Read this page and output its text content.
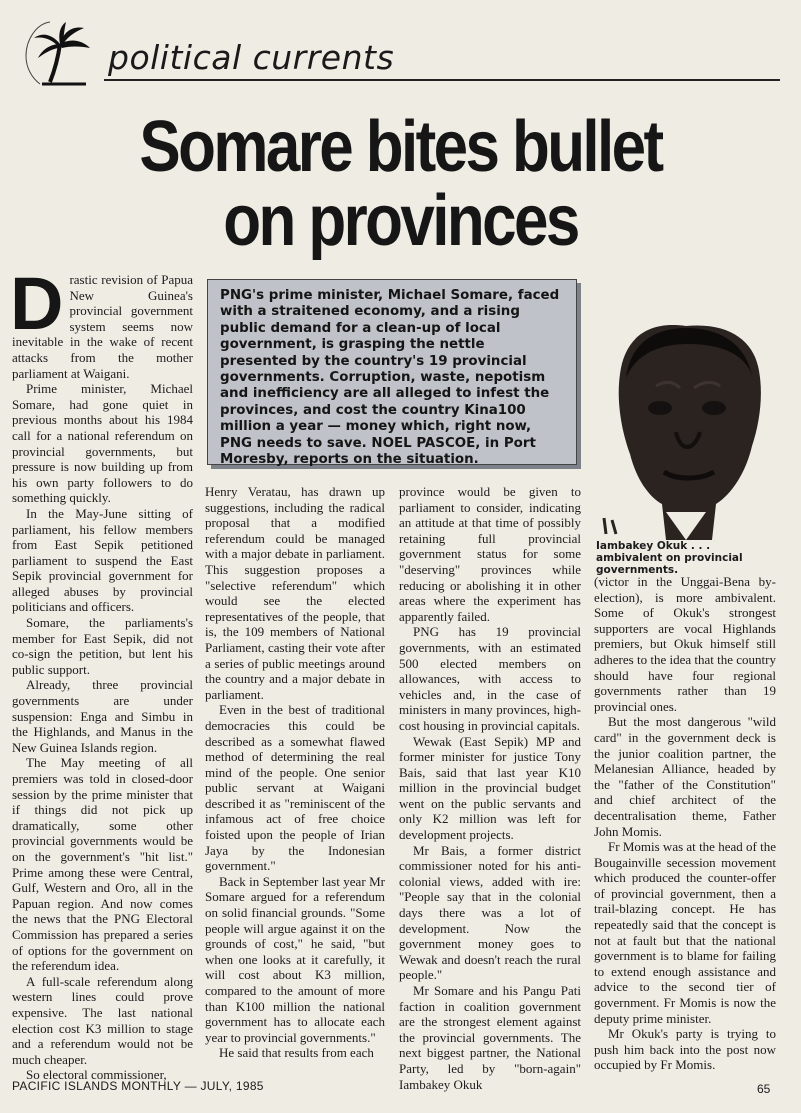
political currents
Somare bites bullet
on provinces

Drastic revision of Papua New Guinea's provincial government system seems now inevitable in the wake of recent attacks from the mother parliament at Waigani.

Prime minister, Michael Somare, had gone quiet in previous months about his 1984 call for a national referendum on provincial governments, but pressure is now building up from his own party followers to do something quickly.

In the May-June sitting of parliament, his fellow members from East Sepik petitioned parliament to suspend the East Sepik provincial government for alleged abuses by provincial politicians and officers.

Somare, the parliaments's member for East Sepik, did not co-sign the petition, but lent his public support.

Already, three provincial governments are under suspension: Enga and Simbu in the Highlands, and Manus in the New Guinea Islands region.

The May meeting of all premiers was told in closed-door session by the prime minister that if things did not pick up dramatically, some other provincial governments would be on the government's "hit list." Prime among these were Central, Gulf, Western and Oro, all in the Papuan region. And now comes the news that the PNG Electoral Commission has prepared a series of options for the government on the referendum idea.

A full-scale referendum along western lines could prove expensive. The last national election cost K3 million to stage and a referendum would not be much cheaper.

So electoral commissioner,

PNG's prime minister, Michael Somare, faced with a straitened economy, and a rising public demand for a clean-up of local government, is grasping the nettle presented by the country's 19 provincial governments. Corruption, waste, nepotism and inefficiency are all alleged to infest the provinces, and cost the country Kina100 million a year — money which, right now, PNG needs to save. NOEL PASCOE, in Port Moresby, reports on the situation.
Iambakey Okuk . . . ambivalent on provincial governments.

Henry Veratau, has drawn up suggestions, including the radical proposal that a modified referendum could be managed with a major debate in parliament. This suggestion proposes a "selective referendum" which would see the elected representatives of the people, that is, the 109 members of National Parliament, casting their vote after a series of public meetings around the country and a major debate in parliament.

Even in the best of traditional democracies this could be described as a somewhat flawed method of determining the real mind of the people. One senior public servant at Waigani described it as "reminiscent of the infamous act of free choice foisted upon the people of Irian Jaya by the Indonesian government."

Back in September last year Mr Somare argued for a referendum on solid financial grounds. "Some people will argue against it on the grounds of cost," he said, "but when one looks at it carefully, it will cost about K3 million, compared to the amount of more than K100 million the national government has to allocate each year to provincial governments."

He said that results from each

province would be given to parliament to consider, indicating an attitude at that time of possibly retaining full provincial government status for some "deserving" provinces while reducing or abolishing it in other areas where the experiment has apparently failed.

PNG has 19 provincial governments, with an estimated 500 elected members on allowances, with access to vehicles and, in the case of ministers in many provinces, high-cost housing in provincial capitals.

Wewak (East Sepik) MP and former minister for justice Tony Bais, said that last year K10 million in the provincial budget went on the public servants and only K2 million was left for development projects.

Mr Bais, a former district commissioner noted for his anti-colonial views, added with ire: "People say that in the colonial days there was a lot of development. Now the government money goes to Wewak and doesn't reach the rural people."

Mr Somare and his Pangu Pati faction in coalition government are the strongest element against the provincial governments. The next biggest partner, the National Party, led by "born-again" Iambakey Okuk

(victor in the Unggai-Bena by-election), is more ambivalent. Some of Okuk's strongest supporters are vocal Highlands premiers, but Okuk himself still adheres to the idea that the country should have four regional governments rather than 19 provincial ones.

But the most dangerous "wild card" in the government deck is the junior coalition partner, the Melanesian Alliance, headed by the "father of the Constitution" and chief architect of the decentralisation theme, Father John Momis.

Fr Momis was at the head of the Bougainville secession movement which produced the counter-offer of provincial government, then a trail-blazing concept. He has repeatedly said that the concept is not at fault but that the national government is to blame for failing to extend enough assistance and advice to the second tier of government. Fr Momis is now the deputy prime minister.

Mr Okuk's party is trying to push him back into the post now occupied by Fr Momis.

PACIFIC ISLANDS MONTHLY — JULY, 1985	65
